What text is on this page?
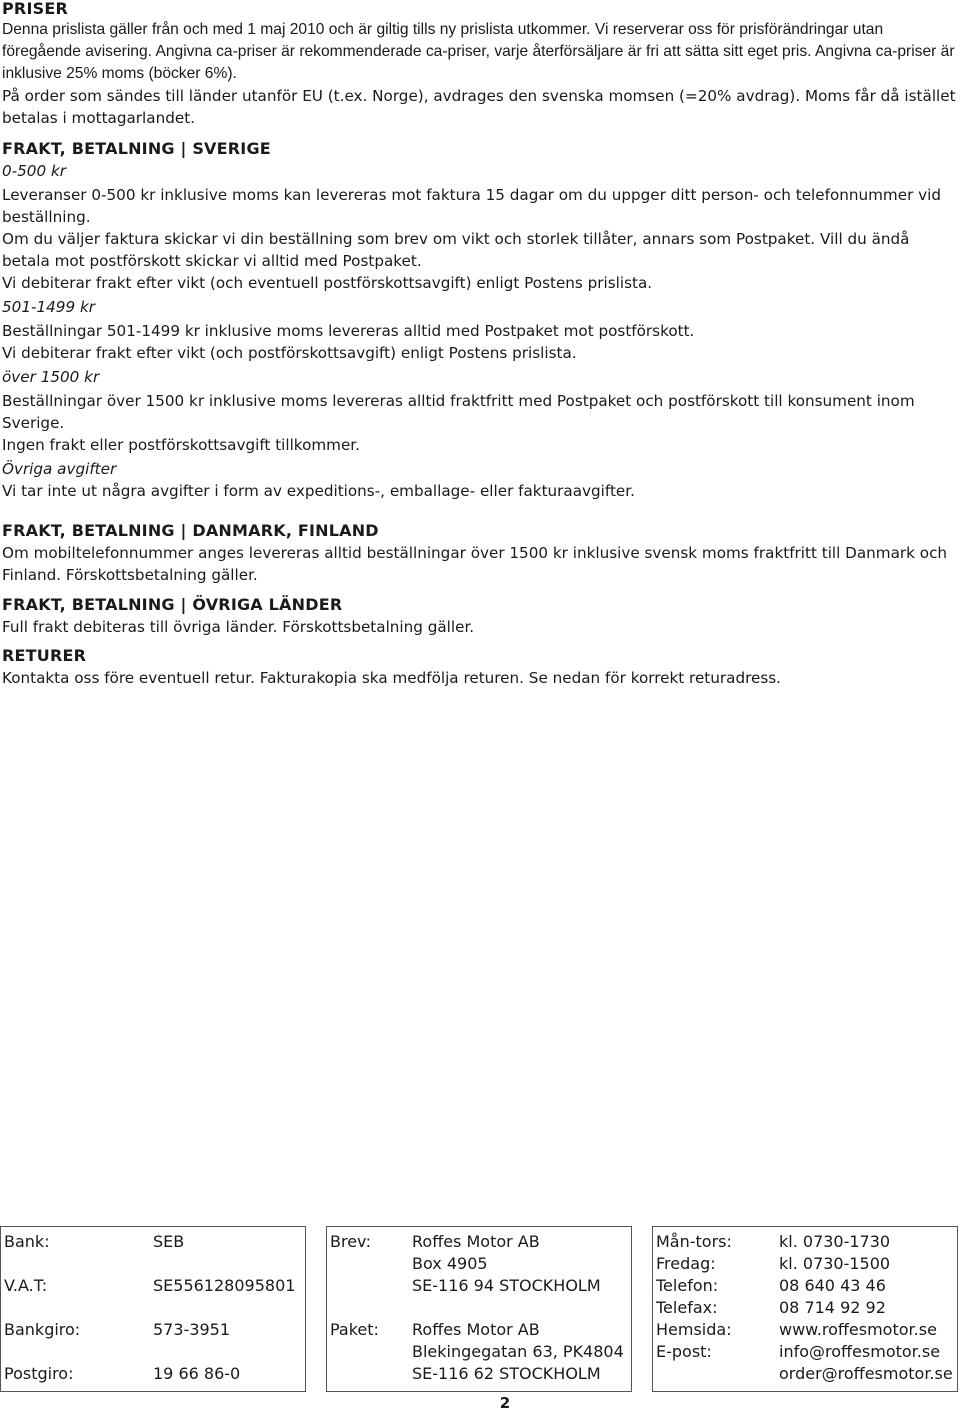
PRISER

Denna prislista gäller från och med 1 maj 2010 och är giltig tills ny prislista utkommer. Vi reserverar oss för prisförändringar utan föregående avisering. Angivna ca-priser är rekommenderade ca-priser, varje återförsäljare är fri att sätta sitt eget pris. Angivna ca-priser är inklusive 25% moms (böcker 6%).

På order som sändes till länder utanför EU (t.ex. Norge), avdrages den svenska momsen (=20% avdrag). Moms får då istället betalas i mottagarlandet.

FRAKT, BETALNING | SVERIGE

0-500 kr

Leveranser 0-500 kr inklusive moms kan levereras mot faktura 15 dagar om du uppger ditt person- och telefonnummer vid beställning.

Om du väljer faktura skickar vi din beställning som brev om vikt och storlek tillåter, annars som Postpaket. Vill du ändå betala mot postförskott skickar vi alltid med Postpaket.

Vi debiterar frakt efter vikt (och eventuell postförskottsavgift) enligt Postens prislista.

501-1499 kr

Beställningar 501-1499 kr inklusive moms levereras alltid med Postpaket mot postförskott.

Vi debiterar frakt efter vikt (och postförskottsavgift) enligt Postens prislista.

över 1500 kr

Beställningar över 1500 kr inklusive moms levereras alltid fraktfritt med Postpaket och postförskott till konsument inom Sverige.

Ingen frakt eller postförskottsavgift tillkommer.

Övriga avgifter

Vi tar inte ut några avgifter i form av expeditions-, emballage- eller fakturaavgifter.

FRAKT, BETALNING | DANMARK, FINLAND

Om mobiltelefonnummer anges levereras alltid beställningar över 1500 kr inklusive svensk moms fraktfritt till Danmark och Finland. Förskottsbetalning gäller.

FRAKT, BETALNING | ÖVRIGA LÄNDER

Full frakt debiteras till övriga länder. Förskottsbetalning gäller.

RETURER

Kontakta oss före eventuell retur. Fakturakopia ska medfölja returen. Se nedan för korrekt returadress.

Bank:	SEB
V.A.T:	SE556128095801
Bankgiro:	573-3951
Postgiro:	19 66 86-0
Brev:	Roffes Motor AB
Box 4905
SE-116 94 STOCKHOLM
Paket: Roffes Motor AB
Blekingegatan 63, PK4804
SE-116 62 STOCKHOLM
Mån-tors:	kl. 0730-1730
Fredag:	kl. 0730-1500
Telefon:	08 640 43 46
Telefax:	08 714 92 92
Hemsida:	www.roffesmotor.se
E-post:	info@roffesmotor.se
order@roffesmotor.se
2
